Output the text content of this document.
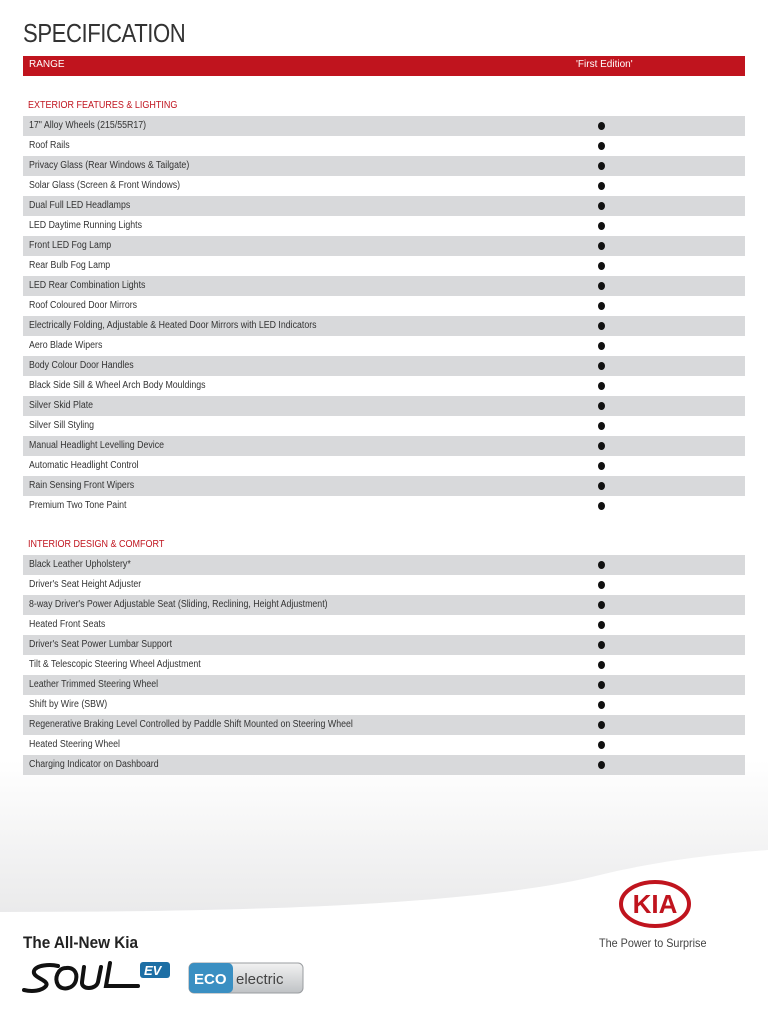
SPECIFICATION
RANGE	'First Edition'
EXTERIOR FEATURES & LIGHTING
17" Alloy Wheels (215/55R17)
Roof Rails
Privacy Glass (Rear Windows & Tailgate)
Solar Glass (Screen & Front Windows)
Dual Full LED Headlamps
LED Daytime Running Lights
Front LED Fog Lamp
Rear Bulb Fog Lamp
LED Rear Combination Lights
Roof Coloured Door Mirrors
Electrically Folding, Adjustable & Heated Door Mirrors with LED Indicators
Aero Blade Wipers
Body Colour Door Handles
Black Side Sill & Wheel Arch Body Mouldings
Silver Skid Plate
Silver Sill Styling
Manual Headlight Levelling Device
Automatic Headlight Control
Rain Sensing Front Wipers
Premium Two Tone Paint
INTERIOR DESIGN & COMFORT
Black Leather Upholstery*
Driver's Seat Height Adjuster
8-way Driver's Power Adjustable Seat (Sliding, Reclining, Height Adjustment)
Heated Front Seats
Driver's Seat Power Lumbar Support
Tilt & Telescopic Steering Wheel Adjustment
Leather Trimmed Steering Wheel
Shift by Wire (SBW)
Regenerative Braking Level Controlled by Paddle Shift Mounted on Steering Wheel
Heated Steering Wheel
Charging Indicator on Dashboard
The All-New Kia
EV
ECO electric
KIA
The Power to Surprise
